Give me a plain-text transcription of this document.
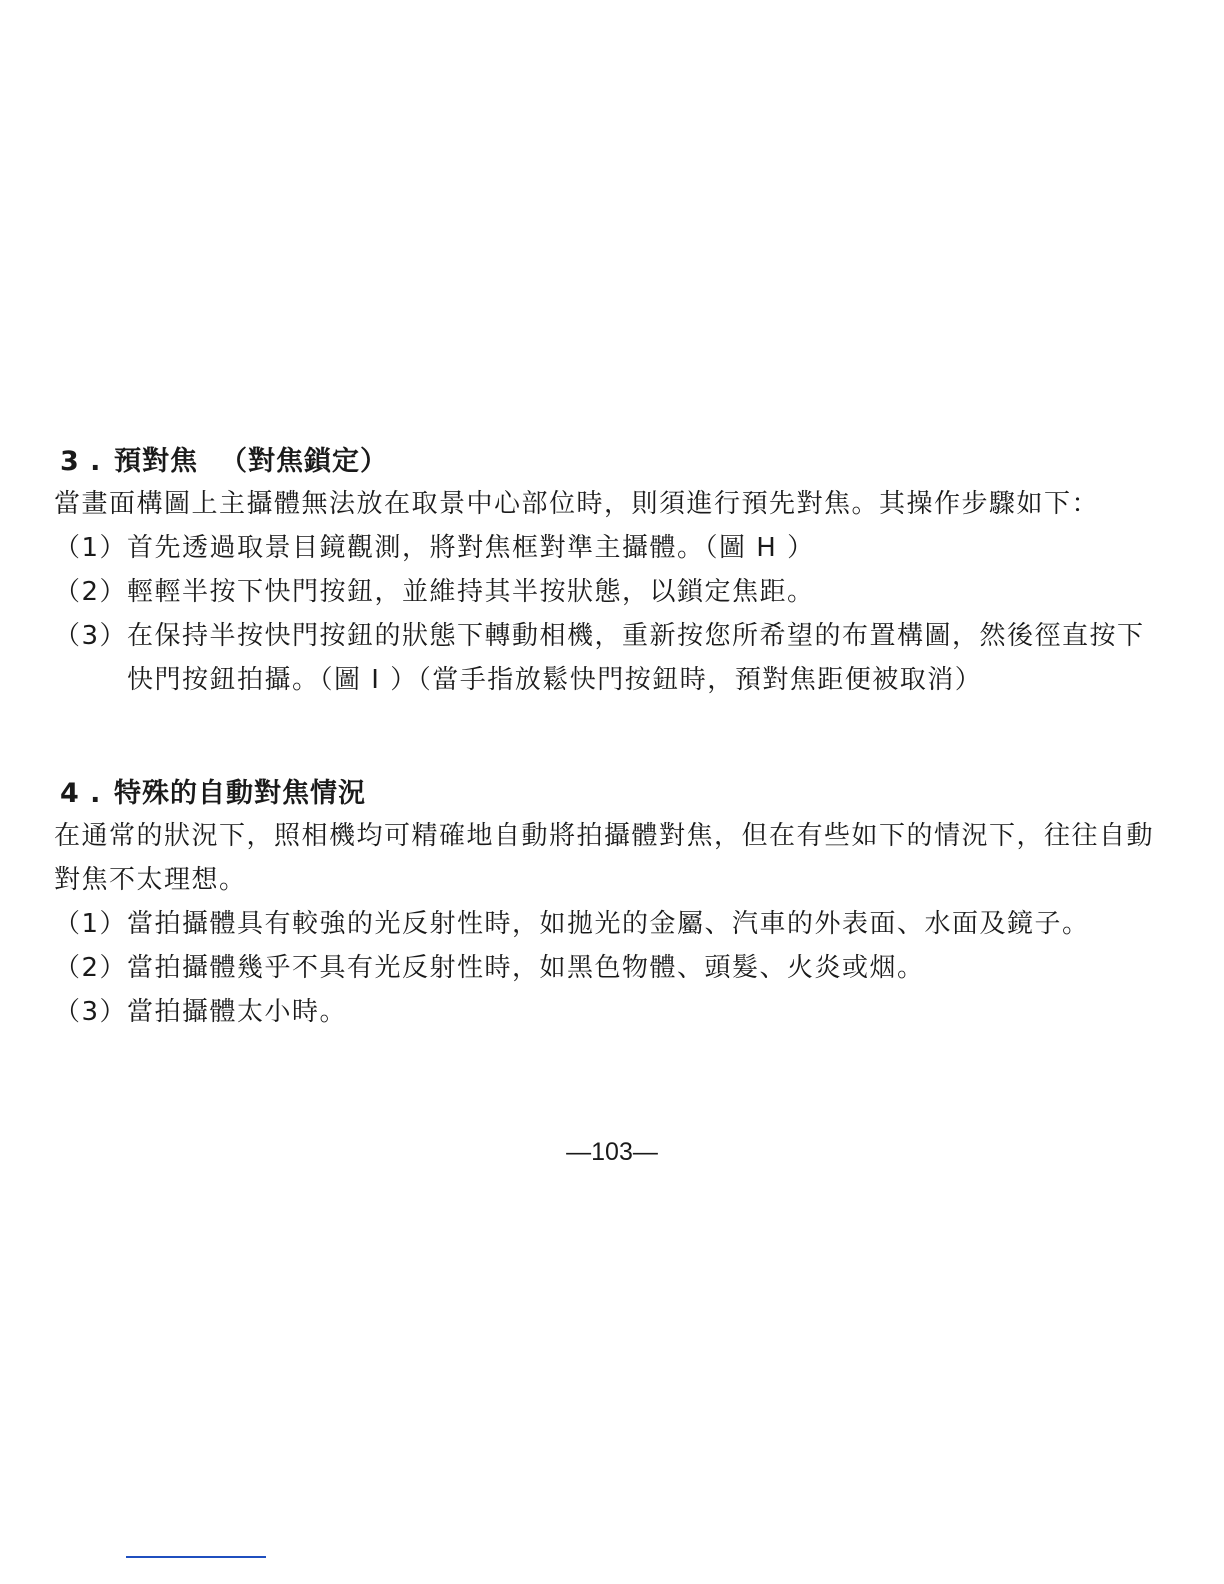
3 . 預對焦 （對焦鎖定）

當畫面構圖上主攝體無法放在取景中心部位時，則須進行預先對焦。其操作步驟如下：

（1） 首先透過取景目鏡觀測，將對焦框對準主攝體。（圖 H ）
（2） 輕輕半按下快門按鈕，並維持其半按狀態，以鎖定焦距。
（3） 在保持半按快門按鈕的狀態下轉動相機，重新按您所希望的布置構圖，然後徑直按下快門按鈕拍攝。（圖 I ）（當手指放鬆快門按鈕時，預對焦距便被取消）
4 . 特殊的自動對焦情況

在通常的狀況下，照相機均可精確地自動將拍攝體對焦，但在有些如下的情況下，往往自動對焦不太理想。

（1） 當拍攝體具有較強的光反射性時，如拋光的金屬、汽車的外表面、水面及鏡子。
（2） 當拍攝體幾乎不具有光反射性時，如黑色物體、頭髮、火炎或烟。
（3） 當拍攝體太小時。
—103—
